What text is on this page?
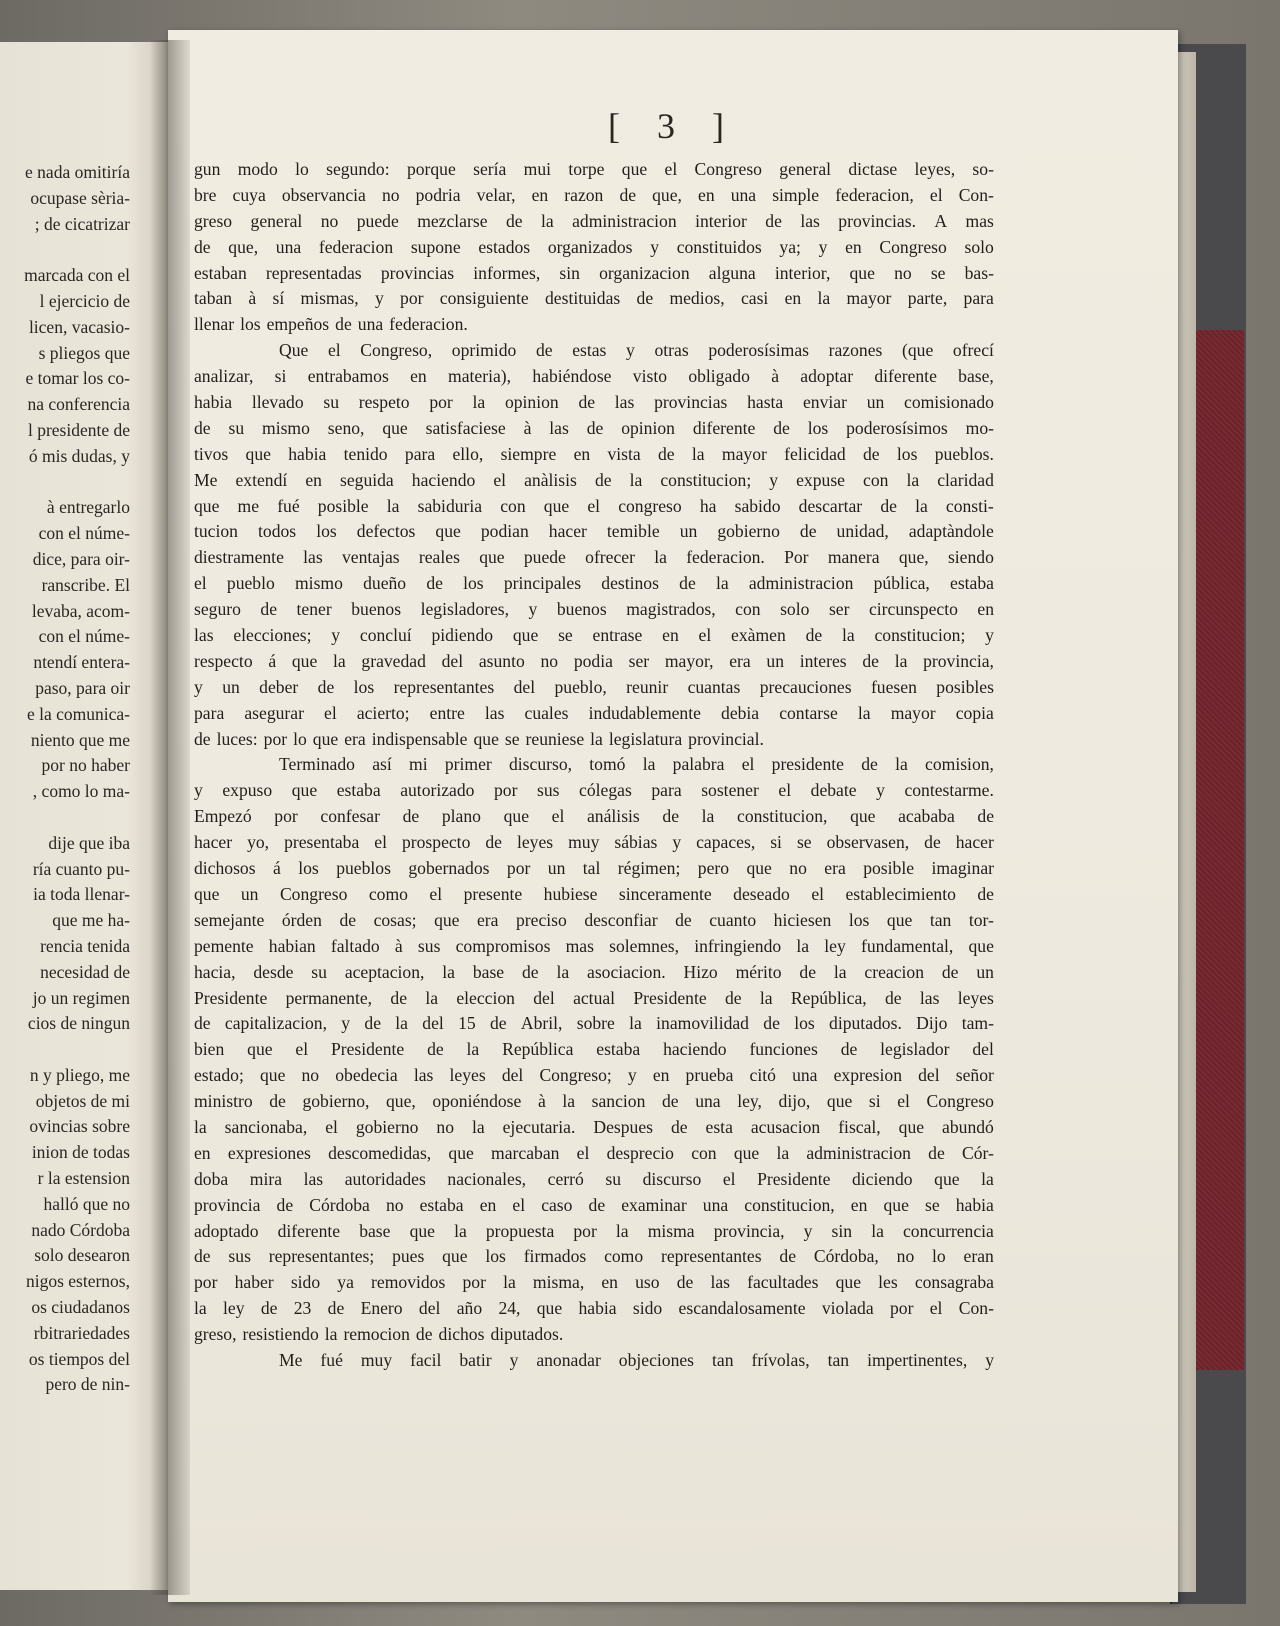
e nada omitiría
ocupase sèria-
; de cicatrizar
marcada con el
l ejercicio de
licen, vacasio-
s pliegos que
e tomar los co-
na conferencia
l presidente de
ó mis dudas, y
à entregarlo
con el núme-
dice, para oir-
ranscribe. El
levaba, acom-
con el núme-
ntendí entera-
paso, para oir
e la comunica-
niento que me
por no haber
, como lo ma-
dije que iba
ría cuanto pu-
ia toda llenar-
que me ha-
rencia tenida
necesidad de
jo un regimen
cios de ningun
n y pliego, me
objetos de mi
ovincias sobre
inion de todas
r la estension
halló que no
nado Córdoba
solo desearon
nigos esternos,
os ciudadanos
rbitrariedades
os tiempos del
pero de nin-
[ 3 ]
gun modo lo segundo: porque sería mui torpe que el Congreso general dictase leyes, so-
bre cuya observancia no podria velar, en razon de que, en una simple federacion, el Con-
greso general no puede mezclarse de la administracion interior de las provincias. A mas
de que, una federacion supone estados organizados y constituidos ya; y en Congreso solo
estaban representadas provincias informes, sin organizacion alguna interior, que no se bas-
taban à sí mismas, y por consiguiente destituidas de medios, casi en la mayor parte, para
llenar los empeños de una federacion.
Que el Congreso, oprimido de estas y otras poderosísimas razones (que ofrecí
analizar, si entrabamos en materia), habiéndose visto obligado à adoptar diferente base,
habia llevado su respeto por la opinion de las provincias hasta enviar un comisionado
de su mismo seno, que satisfaciese à las de opinion diferente de los poderosísimos mo-
tivos que habia tenido para ello, siempre en vista de la mayor felicidad de los pueblos.
Me extendí en seguida haciendo el anàlisis de la constitucion; y expuse con la claridad
que me fué posible la sabiduria con que el congreso ha sabido descartar de la consti-
tucion todos los defectos que podian hacer temible un gobierno de unidad, adaptàndole
diestramente las ventajas reales que puede ofrecer la federacion. Por manera que, siendo
el pueblo mismo dueño de los principales destinos de la administracion pública, estaba
seguro de tener buenos legisladores, y buenos magistrados, con solo ser circunspecto en
las elecciones; y concluí pidiendo que se entrase en el exàmen de la constitucion; y
respecto á que la gravedad del asunto no podia ser mayor, era un interes de la provincia,
y un deber de los representantes del pueblo, reunir cuantas precauciones fuesen posibles
para asegurar el acierto; entre las cuales indudablemente debia contarse la mayor copia
de luces: por lo que era indispensable que se reuniese la legislatura provincial.
Terminado así mi primer discurso, tomó la palabra el presidente de la comision,
y expuso que estaba autorizado por sus cólegas para sostener el debate y contestarme.
Empezó por confesar de plano que el análisis de la constitucion, que acababa de
hacer yo, presentaba el prospecto de leyes muy sábias y capaces, si se observasen, de hacer
dichosos á los pueblos gobernados por un tal régimen; pero que no era posible imaginar
que un Congreso como el presente hubiese sinceramente deseado el establecimiento de
semejante órden de cosas; que era preciso desconfiar de cuanto hiciesen los que tan tor-
pemente habian faltado à sus compromisos mas solemnes, infringiendo la ley fundamental, que
hacia, desde su aceptacion, la base de la asociacion. Hizo mérito de la creacion de un
Presidente permanente, de la eleccion del actual Presidente de la República, de las leyes
de capitalizacion, y de la del 15 de Abril, sobre la inamovilidad de los diputados. Dijo tam-
bien que el Presidente de la República estaba haciendo funciones de legislador del
estado; que no obedecia las leyes del Congreso; y en prueba citó una expresion del señor
ministro de gobierno, que, oponiéndose à la sancion de una ley, dijo, que si el Congreso
la sancionaba, el gobierno no la ejecutaria. Despues de esta acusacion fiscal, que abundó
en expresiones descomedidas, que marcaban el desprecio con que la administracion de Cór-
doba mira las autoridades nacionales, cerró su discurso el Presidente diciendo que la
provincia de Córdoba no estaba en el caso de examinar una constitucion, en que se habia
adoptado diferente base que la propuesta por la misma provincia, y sin la concurrencia
de sus representantes; pues que los firmados como representantes de Córdoba, no lo eran
por haber sido ya removidos por la misma, en uso de las facultades que les consagraba
la ley de 23 de Enero del año 24, que habia sido escandalosamente violada por el Con-
greso, resistiendo la remocion de dichos diputados.
Me fué muy facil batir y anonadar objeciones tan frívolas, tan impertinentes, y
